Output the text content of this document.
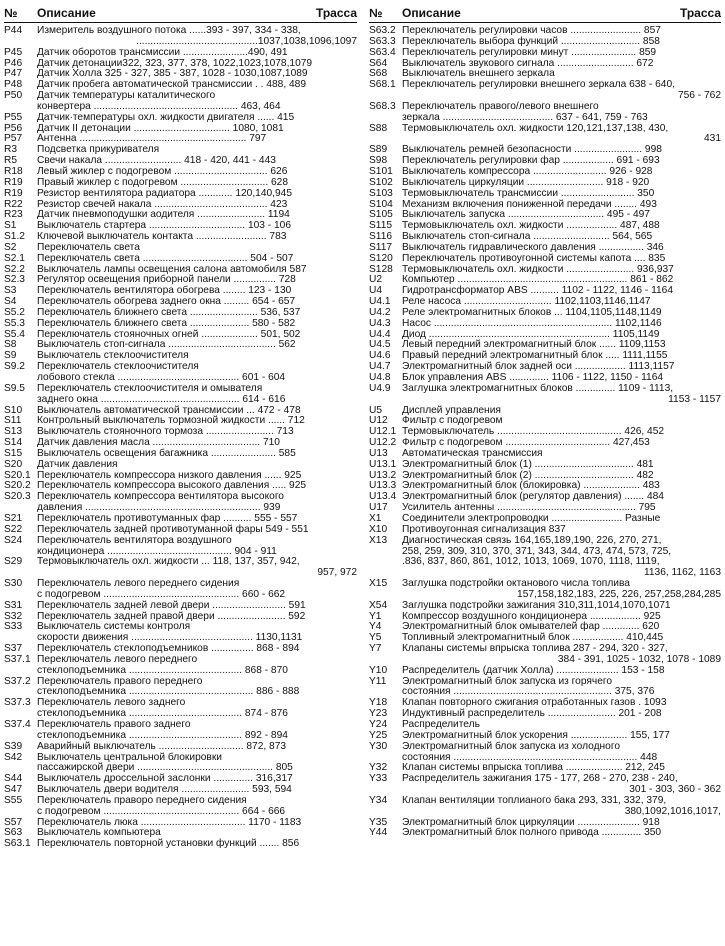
№	Описание	Трасса
P44	Измеритель воздушного потока ......393 - 397, 334 - 338,
...........................................1037,1038,1096,1097
P45	Датчик оборотов трансмиссии .......................490, 491
P46	Датчик детонации322, 323, 377, 378, 1022,1023,1078,1079
P47	Датчик Холла 325 - 327, 385 - 387, 1028 - 1030,1087,1089
P48	Датчик пробега автоматической трансмиссии . . 488, 489
P50	Датчик температуры каталитического
конвертера ................................................... 463, 464
P55	Датчик·температуры охл. жидкости двигателя ...... 415
P56	Датчик II детонации .................................. 1080, 1081
P57	Антенна ........................................................... 797
R3	Подсветка прикуривателя
R5	Свечи накала ........................... 418 - 420, 441 - 443
R18	Левый жиклер с подогревом ................................. 626
R19	Правый жиклер с подогревом ............................... 628
R19	Резистор вентилятора радиатора ............ 120,140,945
R22	Резистор свечей накала ........................................ 423
R23	Датчик пневмоподушки аодителя ........................ 1194
S1	Выключатель стартера .................................. 103 - 106
S1.2	Ключевой выключатель контакта ......................... 783
S2	Переключатель света
S2.1	Переключатель света ..................................... 504 - 507
S2.2	Выключатель лампы освещения салона автомобиля 587
S2.3	Регулятор освещения приборной панели ............... 728
S3	Переключатель вентилятора обогрева ........ 123 - 130
S4	Переключатель обогрева заднего окна ......... 654 - 657
S5.2	Переключатель ближнего света ........................ 536, 537
S5.3	Переключатель ближнего света ..................... 580 - 582
S5.4	Переключатель стояночных огней .................... 501, 502
S8	Выключатель стоп-сигнала ...................................... 562
S9	Выключатель стеклоочистителя
S9.2	Переключатель стеклоочистителя
лобового стекла ........................................... 601 - 604
S9.5	Переключатель стеклоочистителя и омывателя
заднего окна ................................................. 614 - 616
S10	Выключатель автоматической трансмиссии ... 472 - 478
S11	Контрольный выключатель тормозной жидкости ...... 712
S13	Выключатель стояночного тормоза ........................ 713
S14	Датчик давления масла ...................................... 710
S15	Выключатель освещения багажника ....................... 585
S20	Датчик давления
S20.1 Переключатель компрессора низкого давления ...... 925
S20.2 Переключатель компрессора высокого давления ..... 925
S20.3 Переключатель компрессора вентилятора высокого
давления .............................................................. 939
S21	Переключатель противотуманных фар .......... 555 - 557
S22	Переключатель задней противотуманной фары 549 - 551
S24	Переключатель вентилятора воздушного
кондиционера ............................................ 904 - 911
S29	Термовыключатель охл. жидкости ... 118, 137, 357, 942,
957, 972
S30	Переключатель левого переднего сидения
с подогревом ................................................ 660 - 662
S31	Переключатель задней левой двери .......................... 591
S32	Переключатель задней правой двери ........................ 592
S33	Выключатель системы контроля
скорости движения ........................................... 1130,1131
S37	Переключатель стеклоподъемников ............... 868 - 894
S37.1 Переключатель левого переднего
стеклоподъемника ........................................ 868 - 870
S37.2 Переключатель правого переднего
стеклоподъемника ............................................ 886 - 888
S37.3 Переключатель лeвoro заднего
стеклоподъемника ........................................ 874 - 876
S37.4 Переключатель правого заднего
стеклоподъемника ........................................ 892 - 894
S39	Аварийный выключатель .............................. 872, 873
S42	Выключатель центральной блокировки
пассажирской двери ................................................ 805
S44	Выключатель дроссельной заслонки .............. 316,317
S47	Выключатель двери водителя ........................ 593, 594
S55	Переключатель праворо переднего сидения
с подогревом ................................................ 664 - 666
S57	Переключатель люка ..................................... 1170 - 1183
S63	Выключатель компьютера
S63.1 Переключатель повторной установки функций ....... 856
№	Описание	Трасса
S63.2 Переключатель регулировки часов ......................... 857
S63.3 Переключатель выбора функций ............................ 858
S63.4 Переключатель регулировки минут ....................... 859
S64	Выключатель звукового сигнала ........................... 672
S68	Выключатель внешнего зеркала
S68.1 Переключатель регулировки внешнего зеркала 638 - 640,
756 - 762
S68.3 Переключатель правого/левого внешнего
зеркала ....................................... 637 - 641, 759 - 763
S88	Термовыключатель охл. жидкости 120,121,137,138, 430,
431
S89	Выключатель ремней безопасности ........................ 998
S98	Переключатель регулировки фар .................. 691 - 693
S101 Выключатель компрессора .......................... 926 - 928
S102 Выключатель циркуляции ........................... 918 - 920
S103 Термовыключатель трансмиссии .......................... 350
S104 Механизм включения пониженной передачи ........ 493
S105 Выключатель запуска .................................. 495 - 497
S115 Термовыключатель охл. жидкости .................. 487, 488
S116 Выключатель стоп-сигнала ........................... 564, 565
S117 Выключатель гидравлического давления ................ 346
S120 Переключатель противоугонной системы капота .... 835
S128 Термовыключатель охл. жидкости ........................ 936,937
U2	Компьютер ............................................................ 861 - 862
U4	Гидротрансформатор ABS .......... 1102 - 1122, 1146 - 1164
U4.1	Реле насоса ............................... 1102,1103,1146,1147
U4.2	Реле электромагнитных блоков ... 1104,1105,1148,1149
U4.3	Насос ............................................................... 1102,1146
U4.4	Диод ................................................................ 1105,1149
U4.5	Левый передний электромагнитный блок ...... 1109,1153
U4.6	Правый передний электромагнитный блок ..... 1111,1155
U4.7	Электромагнитный блок задней оси .................. 1113,1157
U4.8	Блок управления ABS .............. 1106 - 1122, 1150 - 1164
U4.9	Заглушка электромагнитных блоков .............. 1109 - 1113,
1153 - 1157
U5	Дисплей управления
U12	Фильтр с подогревом
U12.1 Термовыключатель ............................................ 426, 452
U12.2 Фильтр с подогревом ..................................... 427,453
U13	Автоматическая трансмиссия
U13.1 Электромагнитный блок (1) ................................... 481
U13.2 Электромагнитный блок (2) ................................... 482
U13.3 Электромагнитный блок (блокировка) .................... 483
U13.4 Электромагнитный блок (регулятор давления) ....... 484
U17	Усилитель антенны ................................................. 795
X1	Соединители электропроводки ......................... Разные
X10	Противоугонная сигнализация 837
X13	Диагностическая связь 164,165,189,190, 226, 270, 271,
258, 259, 309, 310, 370, 371, 343, 344, 473, 474, 573, 725,
.836, 837, 860, 861, 1012, 1013, 1069, 1070, 1118, 1119,
1136, 1162, 1163
X15	Заглушка подстройки октанового числа топлива
157,158,182,183, 225, 226, 257,258,284,285
X54	Заглушка подстройки зажигания 310,311,1014,1070,1071
Y1	Компрессор воздушного кондиционера .................. 925
Y4	Электромагнитный блок омывателей фар ............. 620
Y5	Топливный электромагнитный блок .................. 410,445
Y7	Клапаны системы впрыска топлива 287 - 294, 320 - 327,
384 - 391, 1025 - 1032, 1078 - 1089
Y10	Распределитель (датчик Холла) ...................... 153 - 158
Y11	Электромагнитный блок запуска из горячего
состояния ........................................................ 375, 376
Y18	Клапан повторного сжигания отработанных газов . 1093
Y23	Индуктивный распределитель ........................ 201 - 208
Y24	Распределитель
Y25	Электромагнитный блок ускорения .................... 155, 177
Y30	Электромагнитный блок запуска из холодного
состояния ................................................................. 448
Y32	Клапан системы впрыска топлива .................... 212, 245
Y33	Распределитель зажигания 175 - 177, 268 - 270, 238 - 240,
301 - 303, 360 - 362
Y34	Клапан вентиляции топлианого бака 293, 331, 332, 379,
380,1092,1016,1017,
Y35	Электромагнитный блок циркуляции ...................... 918
Y44	Электромагнитный блок полного привода .............. 350
